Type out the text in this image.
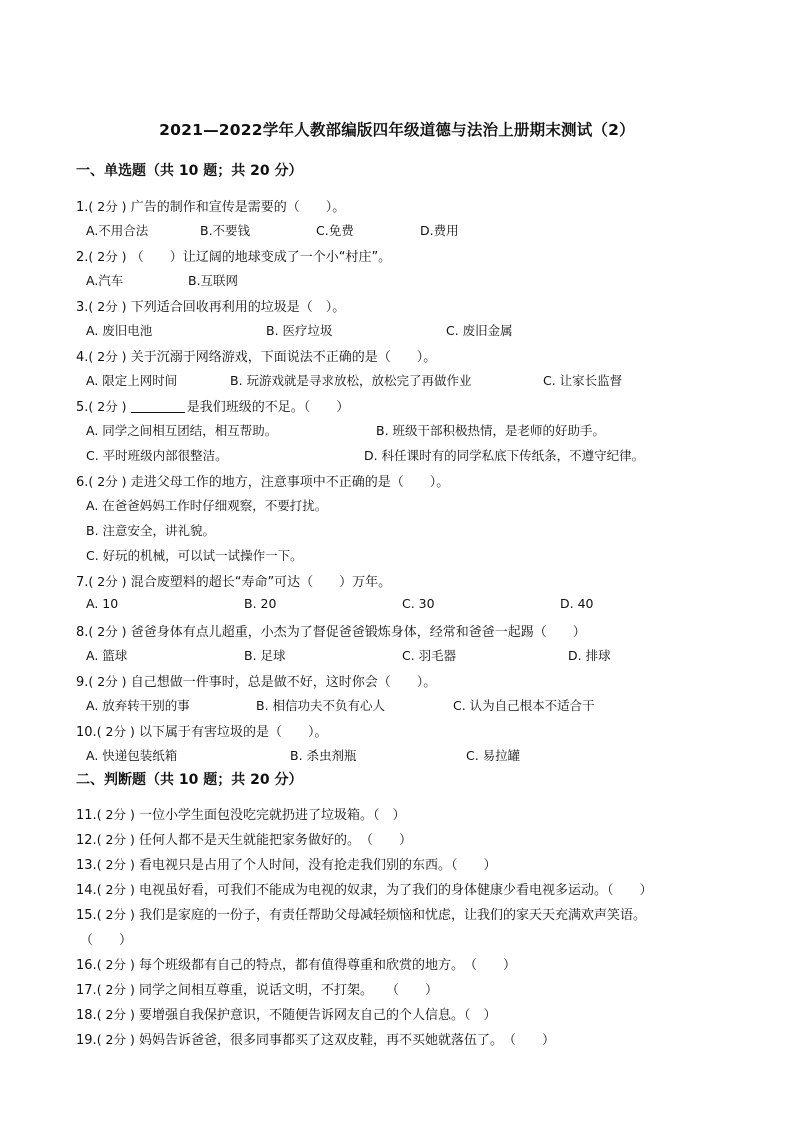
2021—2022学年人教部编版四年级道德与法治上册期末测试（2）
一、单选题（共 10 题；共 20 分）
1.( 2分 ) 广告的制作和宣传是需要的（　　）。
A.不用合法	B.不要钱	C.免费	D.费用
2.( 2分 ) （　　）让辽阔的地球变成了一个小“村庄”。
A.汽车	B.互联网
3.( 2分 ) 下列适合回收再利用的垃圾是（　）。
A. 废旧电池	B. 医疗垃圾	C. 废旧金属
4.( 2分 ) 关于沉溺于网络游戏，下面说法不正确的是（　　）。
A. 限定上网时间	B. 玩游戏就是寻求放松，放松完了再做作业	C. 让家长监督
5.( 2分 )	是我们班级的不足。（　　）
A. 同学之间相互团结，相互帮助。	B. 班级干部积极热情，是老师的好助手。
C. 平时班级内部很整洁。	D. 科任课时有的同学私底下传纸条，不遵守纪律。
6.( 2分 ) 走进父母工作的地方，注意事项中不正确的是（　　）。
A. 在爸爸妈妈工作时仔细观察，不要打扰。
B. 注意安全，讲礼貌。
C. 好玩的机械，可以试一试操作一下。
7.( 2分 ) 混合废塑料的超长“寿命”可达（　　）万年。
A. 10	B. 20	C. 30	D. 40
8.( 2分 ) 爸爸身体有点儿超重，小杰为了督促爸爸锻炼身体，经常和爸爸一起踢（　　）
A. 篮球	B. 足球	C. 羽毛器	D. 排球
9.( 2分 ) 自己想做一件事时，总是做不好，这时你会（　　）。
A. 放弃转干别的事	B. 相信功夫不负有心人	C. 认为自己根本不适合干
10.( 2分 ) 以下属于有害垃圾的是（　　）。
A. 快递包装纸箱	B. 杀虫剂瓶	C. 易拉罐
二、判断题（共 10 题；共 20 分）
11.( 2分 ) 一位小学生面包没吃完就扔进了垃圾箱。（　）
12.( 2分 ) 任何人都不是天生就能把家务做好的。　（　　）
13.( 2分 ) 看电视只是占用了个人时间，没有抢走我们别的东西。（　　）
14.( 2分 ) 电视虽好看，可我们不能成为电视的奴隶，为了我们的身体健康少看电视多运动。（　　）
15.( 2分 ) 我们是家庭的一份子，有责任帮助父母减轻烦恼和忧虑，让我们的家天天充满欢声笑语。
（　　）
16.( 2分 ) 每个班级都有自己的特点，都有值得尊重和欣赏的地方。　（　　）
17.( 2分 ) 同学之间相互尊重，说话文明，不打架。　　（　　）
18.( 2分 ) 要增强自我保护意识，不随便告诉网友自己的个人信息。（　）
19.( 2分 ) 妈妈告诉爸爸，很多同事都买了这双皮鞋，再不买她就落伍了。　（　　）
